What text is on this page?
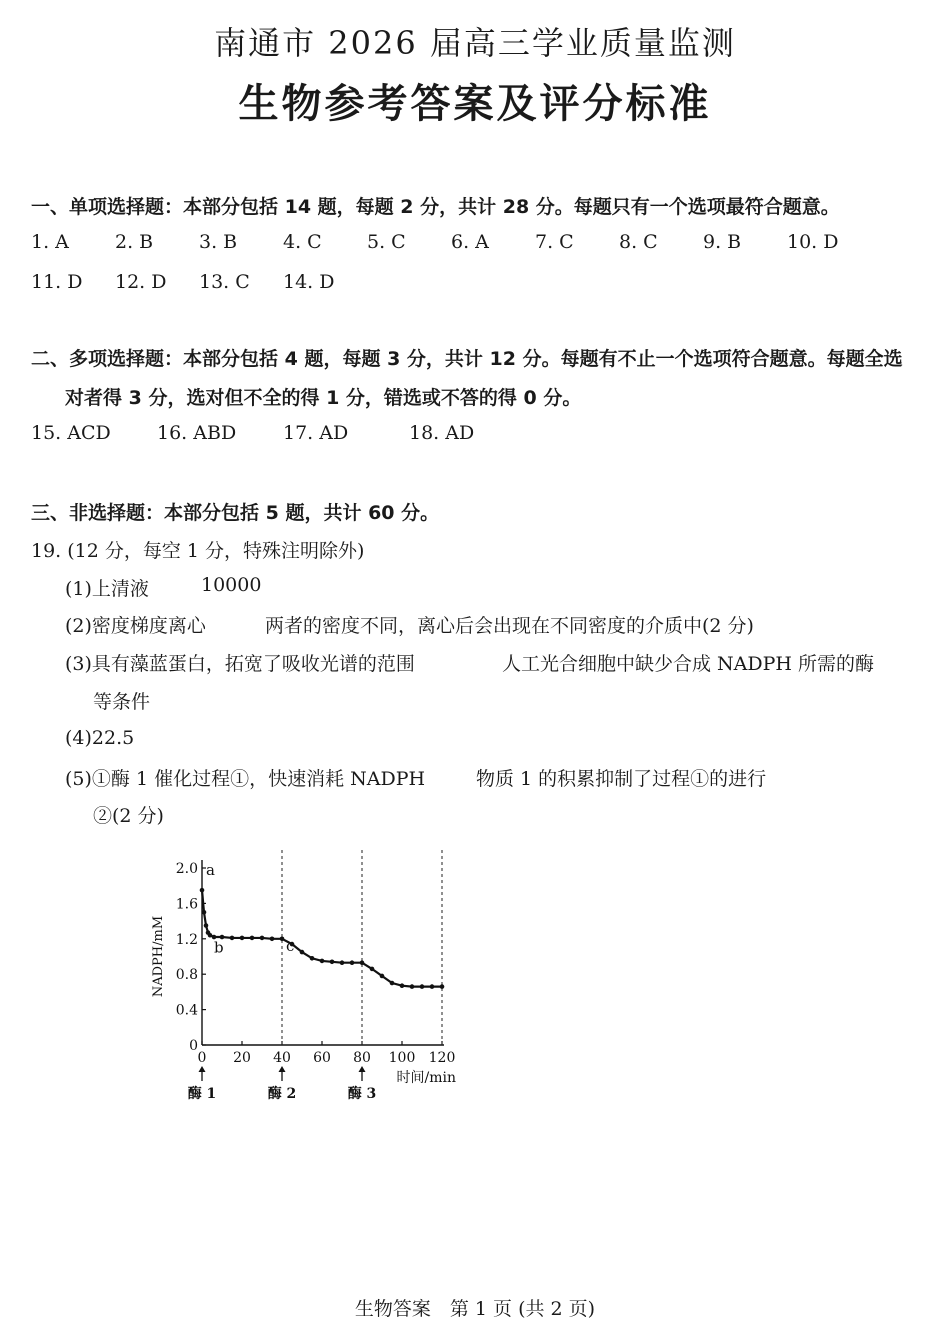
南通市 2026 届高三学业质量监测
生物参考答案及评分标准
一、单项选择题：本部分包括 14 题，每题 2 分，共计 28 分。每题只有一个选项最符合题意。
1. A 2. B 3. B 4. C 5. C 6. A 7. C 8. C 9. B 10. D
11. D 12. D 13. C 14. D
二、多项选择题：本部分包括 4 题，每题 3 分，共计 12 分。每题有不止一个选项符合题意。每题全选
对者得 3 分，选对但不全的得 1 分，错选或不答的得 0 分。
15. ACD 16. ABD 17. AD	18. AD
三、非选择题：本部分包括 5 题，共计 60 分。
19. (12 分，每空 1 分，特殊注明除外)
(1)上清液	10000
(2)密度梯度离心	两者的密度不同，离心后会出现在不同密度的介质中(2 分)
(3)具有藻蓝蛋白，拓宽了吸收光谱的范围	人工光合细胞中缺少合成 NADPH 所需的酶
等条件
(4)22.5
(5)①酶 1 催化过程①，快速消耗 NADPH	物质 1 的积累抑制了过程①的进行
②(2 分)
0
0.4
0.8
1.2
1.6
2.0
0 20 40 60 80 100 120
NADPH/mM
时间/min
a
b	c
酶 1	酶 2	酶 3
生物答案　第 1 页 (共 2 页)
